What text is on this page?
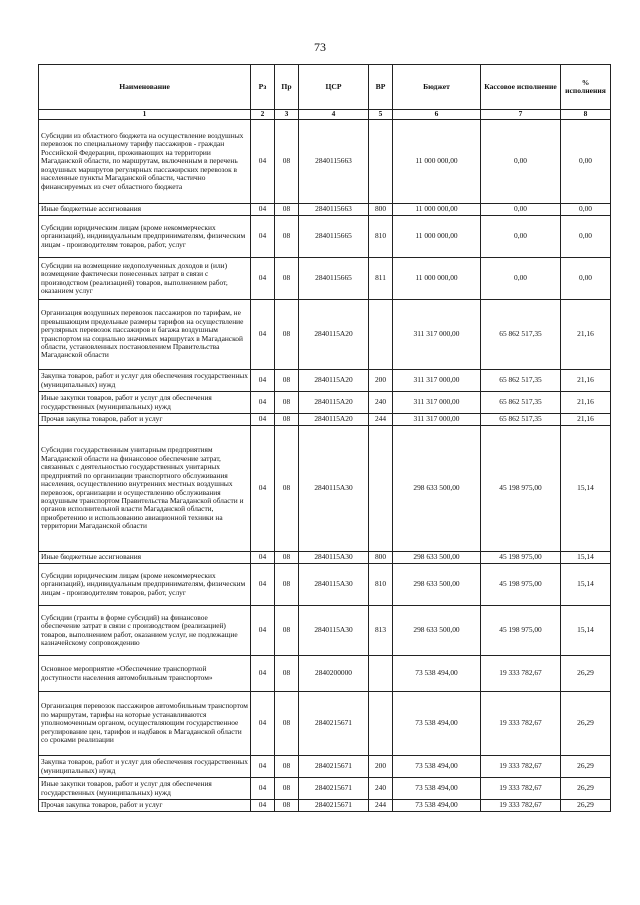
73
Наименование	Рз	Пр	ЦСР	ВР	Бюджет	Кассовое исполнение	% исполнения
1	2	3	4	5	6	7	8
Субсидии из областного бюджета на осуществление воздушных перевозок по специальному тарифу пассажиров - граждан Российской Федерации, проживающих на территории Магаданской области, по маршрутам, включенным в перечень воздушных маршрутов регулярных пассажирских перевозок в населенные пункты Магаданской области, частично финансируемых из счет областного бюджета	04	08	2840115663		11 000 000,00	0,00	0,00
Иные бюджетные ассигнования	04	08	2840115663	800	11 000 000,00	0,00	0,00
Субсидии юридическим лицам (кроме некоммерческих организаций), индивидуальным предпринимателям, физическим лицам - производителям товаров, работ, услуг	04	08	2840115665	810	11 000 000,00	0,00	0,00
Субсидии на возмещение недополученных доходов и (или) возмещение фактически понесенных затрат в связи с производством (реализацией) товаров, выполнением работ, оказанием услуг	04	08	2840115665	811	11 000 000,00	0,00	0,00
Организация воздушных перевозок пассажиров по тарифам, не превышающим предельные размеры тарифов на осуществление регулярных перевозок пассажиров и багажа воздушным транспортом на социально значимых маршрутах в Магаданской области, установленных постановлением Правительства Магаданской области	04	08	2840115А20		311 317 000,00	65 862 517,35	21,16
Закупка товаров, работ и услуг для обеспечения государственных (муниципальных) нужд	04	08	2840115А20	200	311 317 000,00	65 862 517,35	21,16
Иные закупки товаров, работ и услуг для обеспечения государственных (муниципальных) нужд	04	08	2840115А20	240	311 317 000,00	65 862 517,35	21,16
Прочая закупка товаров, работ и услуг	04	08	2840115А20	244	311 317 000,00	65 862 517,35	21,16
Субсидии государственным унитарным предприятиям Магаданской области на финансовое обеспечение затрат, связанных с деятельностью государственных унитарных предприятий по организации транспортного обслуживания населения, осуществлению внутренних местных воздушных перевозок, организации и осуществлению обслуживания воздушным транспортом Правительства Магаданской области и органов исполнительной власти Магаданской области, приобретению и использованию авиационной техники на территории Магаданской области	04	08	2840115А30		298 633 500,00	45 198 975,00	15,14
Иные бюджетные ассигнования	04	08	2840115А30	800	298 633 500,00	45 198 975,00	15,14
Субсидии юридическим лицам (кроме некоммерческих организаций), индивидуальным предпринимателям, физическим лицам - производителям товаров, работ, услуг	04	08	2840115А30	810	298 633 500,00	45 198 975,00	15,14
Субсидии (гранты в форме субсидий) на финансовое обеспечение затрат в связи с производством (реализацией) товаров, выполнением работ, оказанием услуг, не подлежащие казначейскому сопровождению	04	08	2840115А30	813	298 633 500,00	45 198 975,00	15,14
Основное мероприятие «Обеспечение транспортной доступности населения автомобильным транспортом»	04	08	2840200000		73 538 494,00	19 333 782,67	26,29
Организация перевозок пассажиров автомобильным транспортом по маршрутам, тарифы на которые устанавливаются уполномоченным органом, осуществляющим государственное регулирование цен, тарифов и надбавок в Магаданской области со сроками реализации	04	08	2840215671		73 538 494,00	19 333 782,67	26,29
Закупка товаров, работ и услуг для обеспечения государственных (муниципальных) нужд	04	08	2840215671	200	73 538 494,00	19 333 782,67	26,29
Иные закупки товаров, работ и услуг для обеспечения государственных (муниципальных) нужд	04	08	2840215671	240	73 538 494,00	19 333 782,67	26,29
Прочая закупка товаров, работ и услуг	04	08	2840215671	244	73 538 494,00	19 333 782,67	26,29
